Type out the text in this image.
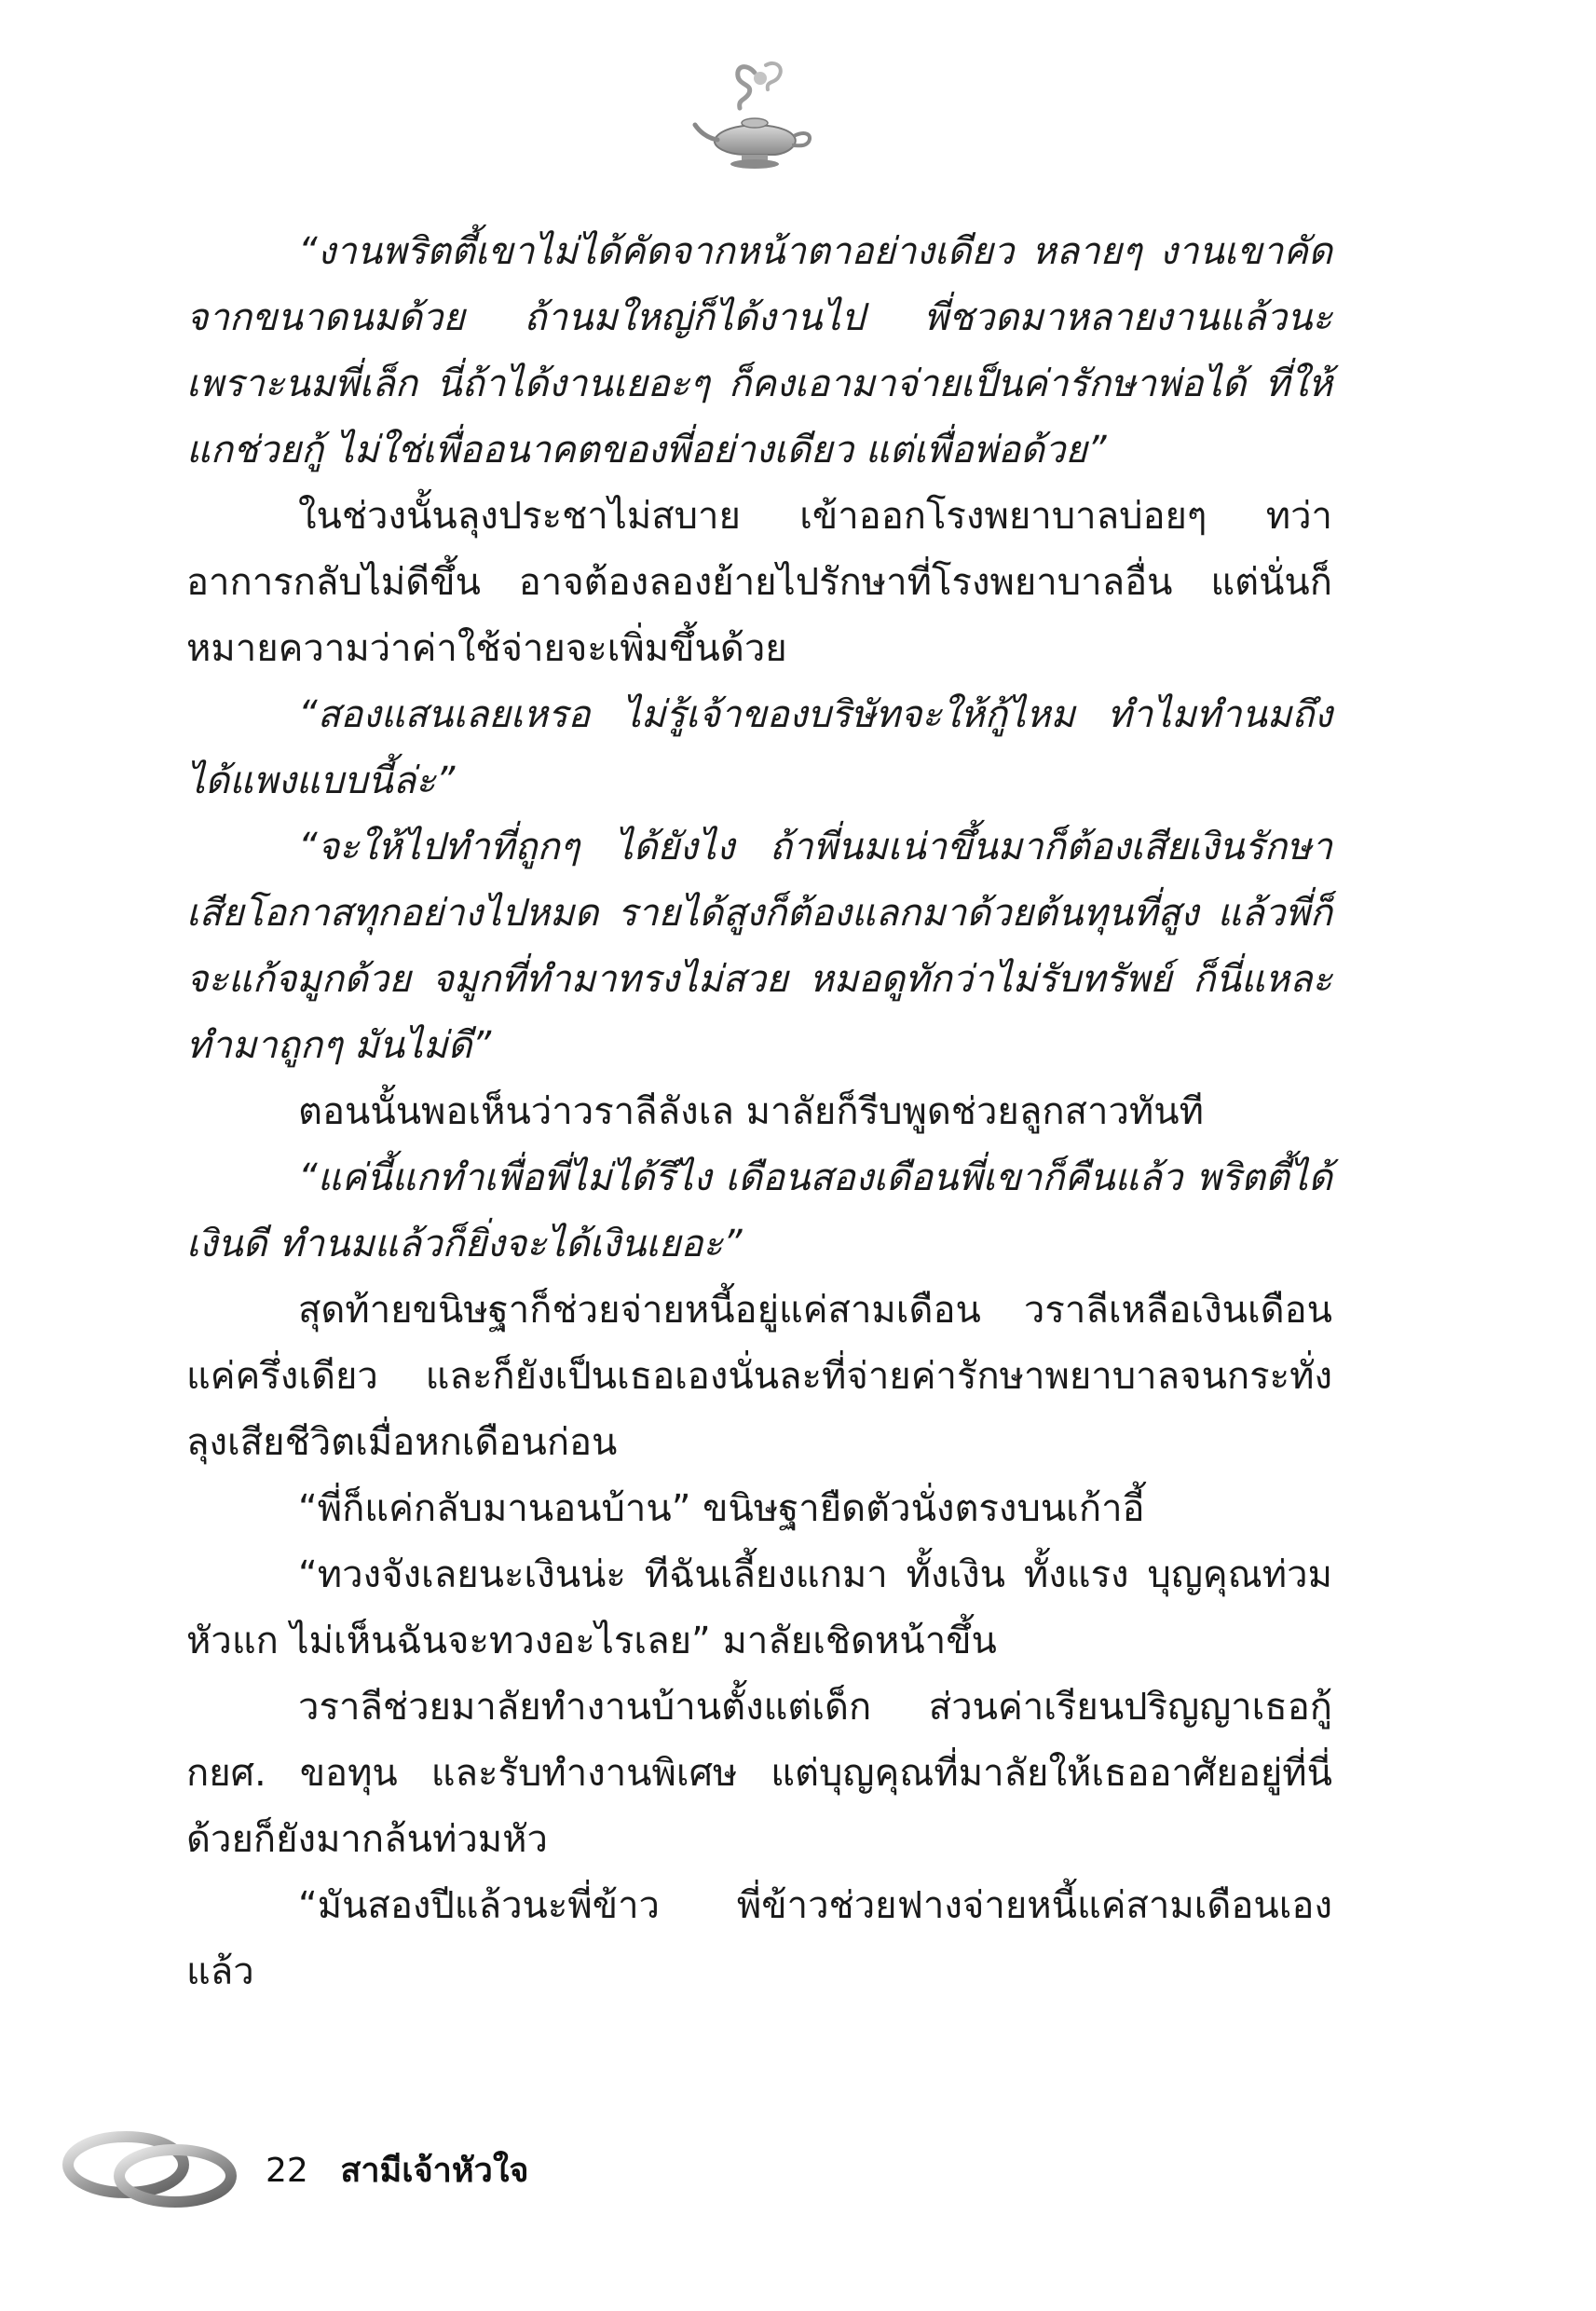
“งานพริตตี้เขาไม่ได้คัดจากหน้าตาอย่างเดียว หลายๆ งานเขาคัดจากขนาดนมด้วย ถ้านมใหญ่ก็ได้งานไป พี่ชวดมาหลายงานแล้วนะ เพราะนมพี่เล็ก นี่ถ้าได้งานเยอะๆ ก็คงเอามาจ่ายเป็นค่ารักษาพ่อได้ ที่ให้แกช่วยกู้ ไม่ใช่เพื่ออนาคตของพี่อย่างเดียว แต่เพื่อพ่อด้วย”

ในช่วงนั้นลุงประชาไม่สบาย เข้าออกโรงพยาบาลบ่อยๆ ทว่าอาการกลับไม่ดีขึ้น อาจต้องลองย้ายไปรักษาที่โรงพยาบาลอื่น แต่นั่นก็หมายความว่าค่าใช้จ่ายจะเพิ่มขึ้นด้วย

“สองแสนเลยเหรอ ไม่รู้เจ้าของบริษัทจะให้กู้ไหม ทำไมทำนมถึงได้แพงแบบนี้ล่ะ”

“จะให้ไปทำที่ถูกๆ ได้ยังไง ถ้าพี่นมเน่าขึ้นมาก็ต้องเสียเงินรักษา เสียโอกาสทุกอย่างไปหมด รายได้สูงก็ต้องแลกมาด้วยต้นทุนที่สูง แล้วพี่ก็จะแก้จมูกด้วย จมูกที่ทำมาทรงไม่สวย หมอดูทักว่าไม่รับทรัพย์ ก็นี่แหละ ทำมาถูกๆ มันไม่ดี”

ตอนนั้นพอเห็นว่าวราลีลังเล มาลัยก็รีบพูดช่วยลูกสาวทันที

“แค่นี้แกทำเพื่อพี่ไม่ได้รึไง เดือนสองเดือนพี่เขาก็คืนแล้ว พริตตี้ได้เงินดี ทำนมแล้วก็ยิ่งจะได้เงินเยอะ”

สุดท้ายขนิษฐาก็ช่วยจ่ายหนี้อยู่แค่สามเดือน วราลีเหลือเงินเดือนแค่ครึ่งเดียว และก็ยังเป็นเธอเองนั่นละที่จ่ายค่ารักษาพยาบาลจนกระทั่งลุงเสียชีวิตเมื่อหกเดือนก่อน

“พี่ก็แค่กลับมานอนบ้าน” ขนิษฐายืดตัวนั่งตรงบนเก้าอี้

“ทวงจังเลยนะเงินน่ะ ทีฉันเลี้ยงแกมา ทั้งเงิน ทั้งแรง บุญคุณท่วมหัวแก ไม่เห็นฉันจะทวงอะไรเลย” มาลัยเชิดหน้าขึ้น

วราลีช่วยมาลัยทำงานบ้านตั้งแต่เด็ก ส่วนค่าเรียนปริญญาเธอกู้ กยศ. ขอทุน และรับทำงานพิเศษ แต่บุญคุณที่มาลัยให้เธออาศัยอยู่ที่นี่ด้วยก็ยังมากล้นท่วมหัว

“มันสองปีแล้วนะพี่ข้าว พี่ข้าวช่วยฟางจ่ายหนี้แค่สามเดือนเอง แล้ว

22 สามีเจ้าหัวใจ
